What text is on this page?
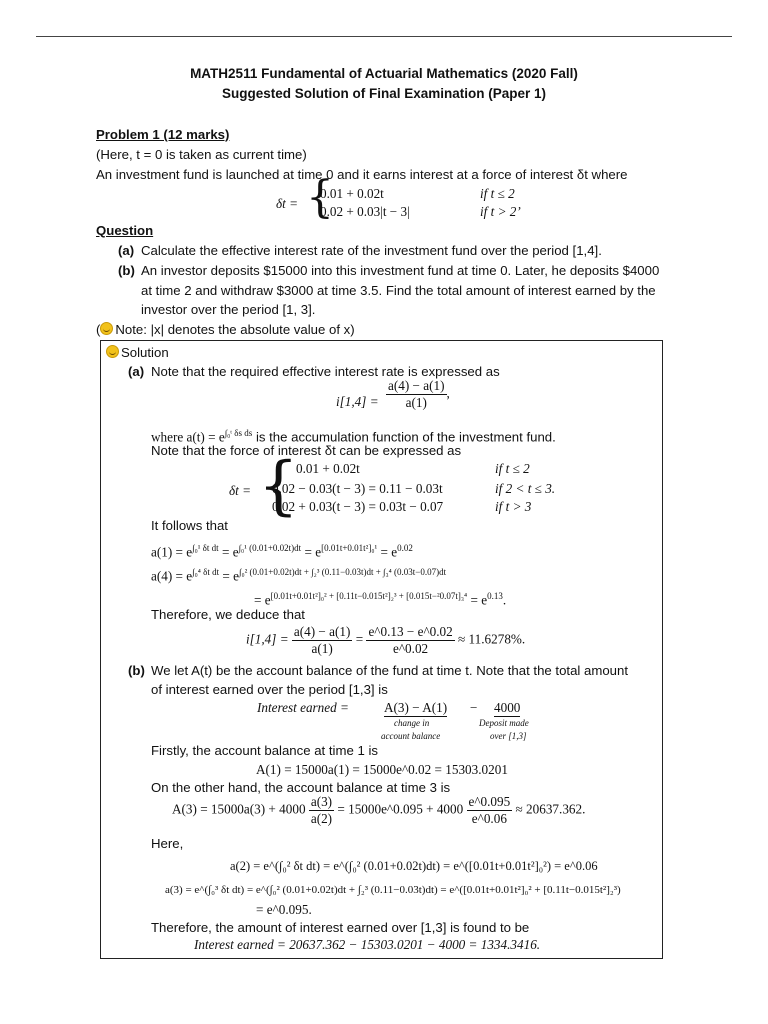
MATH2511 Fundamental of Actuarial Mathematics (2020 Fall)
Suggested Solution of Final Examination (Paper 1)
Problem 1 (12 marks)
(Here, t = 0 is taken as current time)
An investment fund is launched at time 0 and it earns interest at a force of interest δt where
δt = {
0.01 + 0.02t	if t ≤ 2
0.02 + 0.03|t − 3|	if t > 2’
Question
(a) Calculate the effective interest rate of the investment fund over the period [1,4].
(b) An investor deposits $15000 into this investment fund at time 0. Later, he deposits $4000
at time 2 and withdraw $3000 at time 3.5. Find the total amount of interest earned by the
investor over the period [1, 3].
( Note: |x| denotes the absolute value of x)
Solution
(a) Note that the required effective interest rate is expressed as
$i[1,4] = \frac{a(4) - a(1)}{a(1)}$ ,
where $a(t) = e^{\int_0ᵗ \delta s ds}$ is the accumulation function of the investment fund.
Note that the force of interest δt can be expressed as
δt = {
0.01 + 0.02t	if t ≤ 2
0.02 − 0.03(t − 3) = 0.11 − 0.03t	if 2 < t ≤ 3.
0.02 + 0.03(t − 3) = 0.03t − 0.07	if t > 3
It follows that
$a(1) = e^{\int_0^1 \delta t dt} = e^{\int_0^1 (0.01+0.02t)dt} = e^{[0.01t+0.01t^2]_0^1} = e^{0.02}$
$a(4) = e^{\int_0^4 \delta t dt} = e^{\int_0^2 (0.01+0.02t)dt + \int_2^3 (0.11-0.03t)dt + \int_3^4 (0.03t-0.07)dt}$
= $e^{[0.01t+0.01t^2]_0^2 + [0.11t-0.015t^2]_2^3 + [0.015t-^20.07t]_3^4} = e^{0.13}$.
Therefore, we deduce that
$i[1,4] = \frac{a(4) - a(1)}{a(1)} = \frac{e\^{}0.13 - e\^{}0.02}{e\^{}0.02} \approx 11.6278\%$.
(b) We let A(t) be the account balance of the fund at time t. Note that the total amount
of interest earned over the period [1,3] is
Interest earned =	A(3) − A(1) − 4000
change in
account balance
Deposit made
over [1,3]
Firstly, the account balance at time 1 is
A(1) = 15000a(1) = 15000e^0.02 = 15303.0201
On the other hand, the account balance at time 3 is
$A(3) = 15000a(3) + 4000 \frac{a(3)}{a(2)}$ = 15000e^0.095 + $4000 \frac{e\^{}0.095}{e\^{}0.06} \approx 20637.362$.
Here,
a(2) = e^(∫₀² δt dt) = e^(∫₀² (0.01+0.02t)dt) = e^([0.01t+0.01t²]₀²) = e^0.06
a(3) = e^(∫₀³ δt dt) = e^(∫₀² (0.01+0.02t)dt + ∫₂³ (0.11−0.03t)dt) = e^([0.01t+0.01t²]₀² + [0.11t−0.015t²]₂³)
= e^0.095.
Therefore, the amount of interest earned over [1,3] is found to be
Interest earned = 20637.362 − 15303.0201 − 4000 = 1334.3416.
